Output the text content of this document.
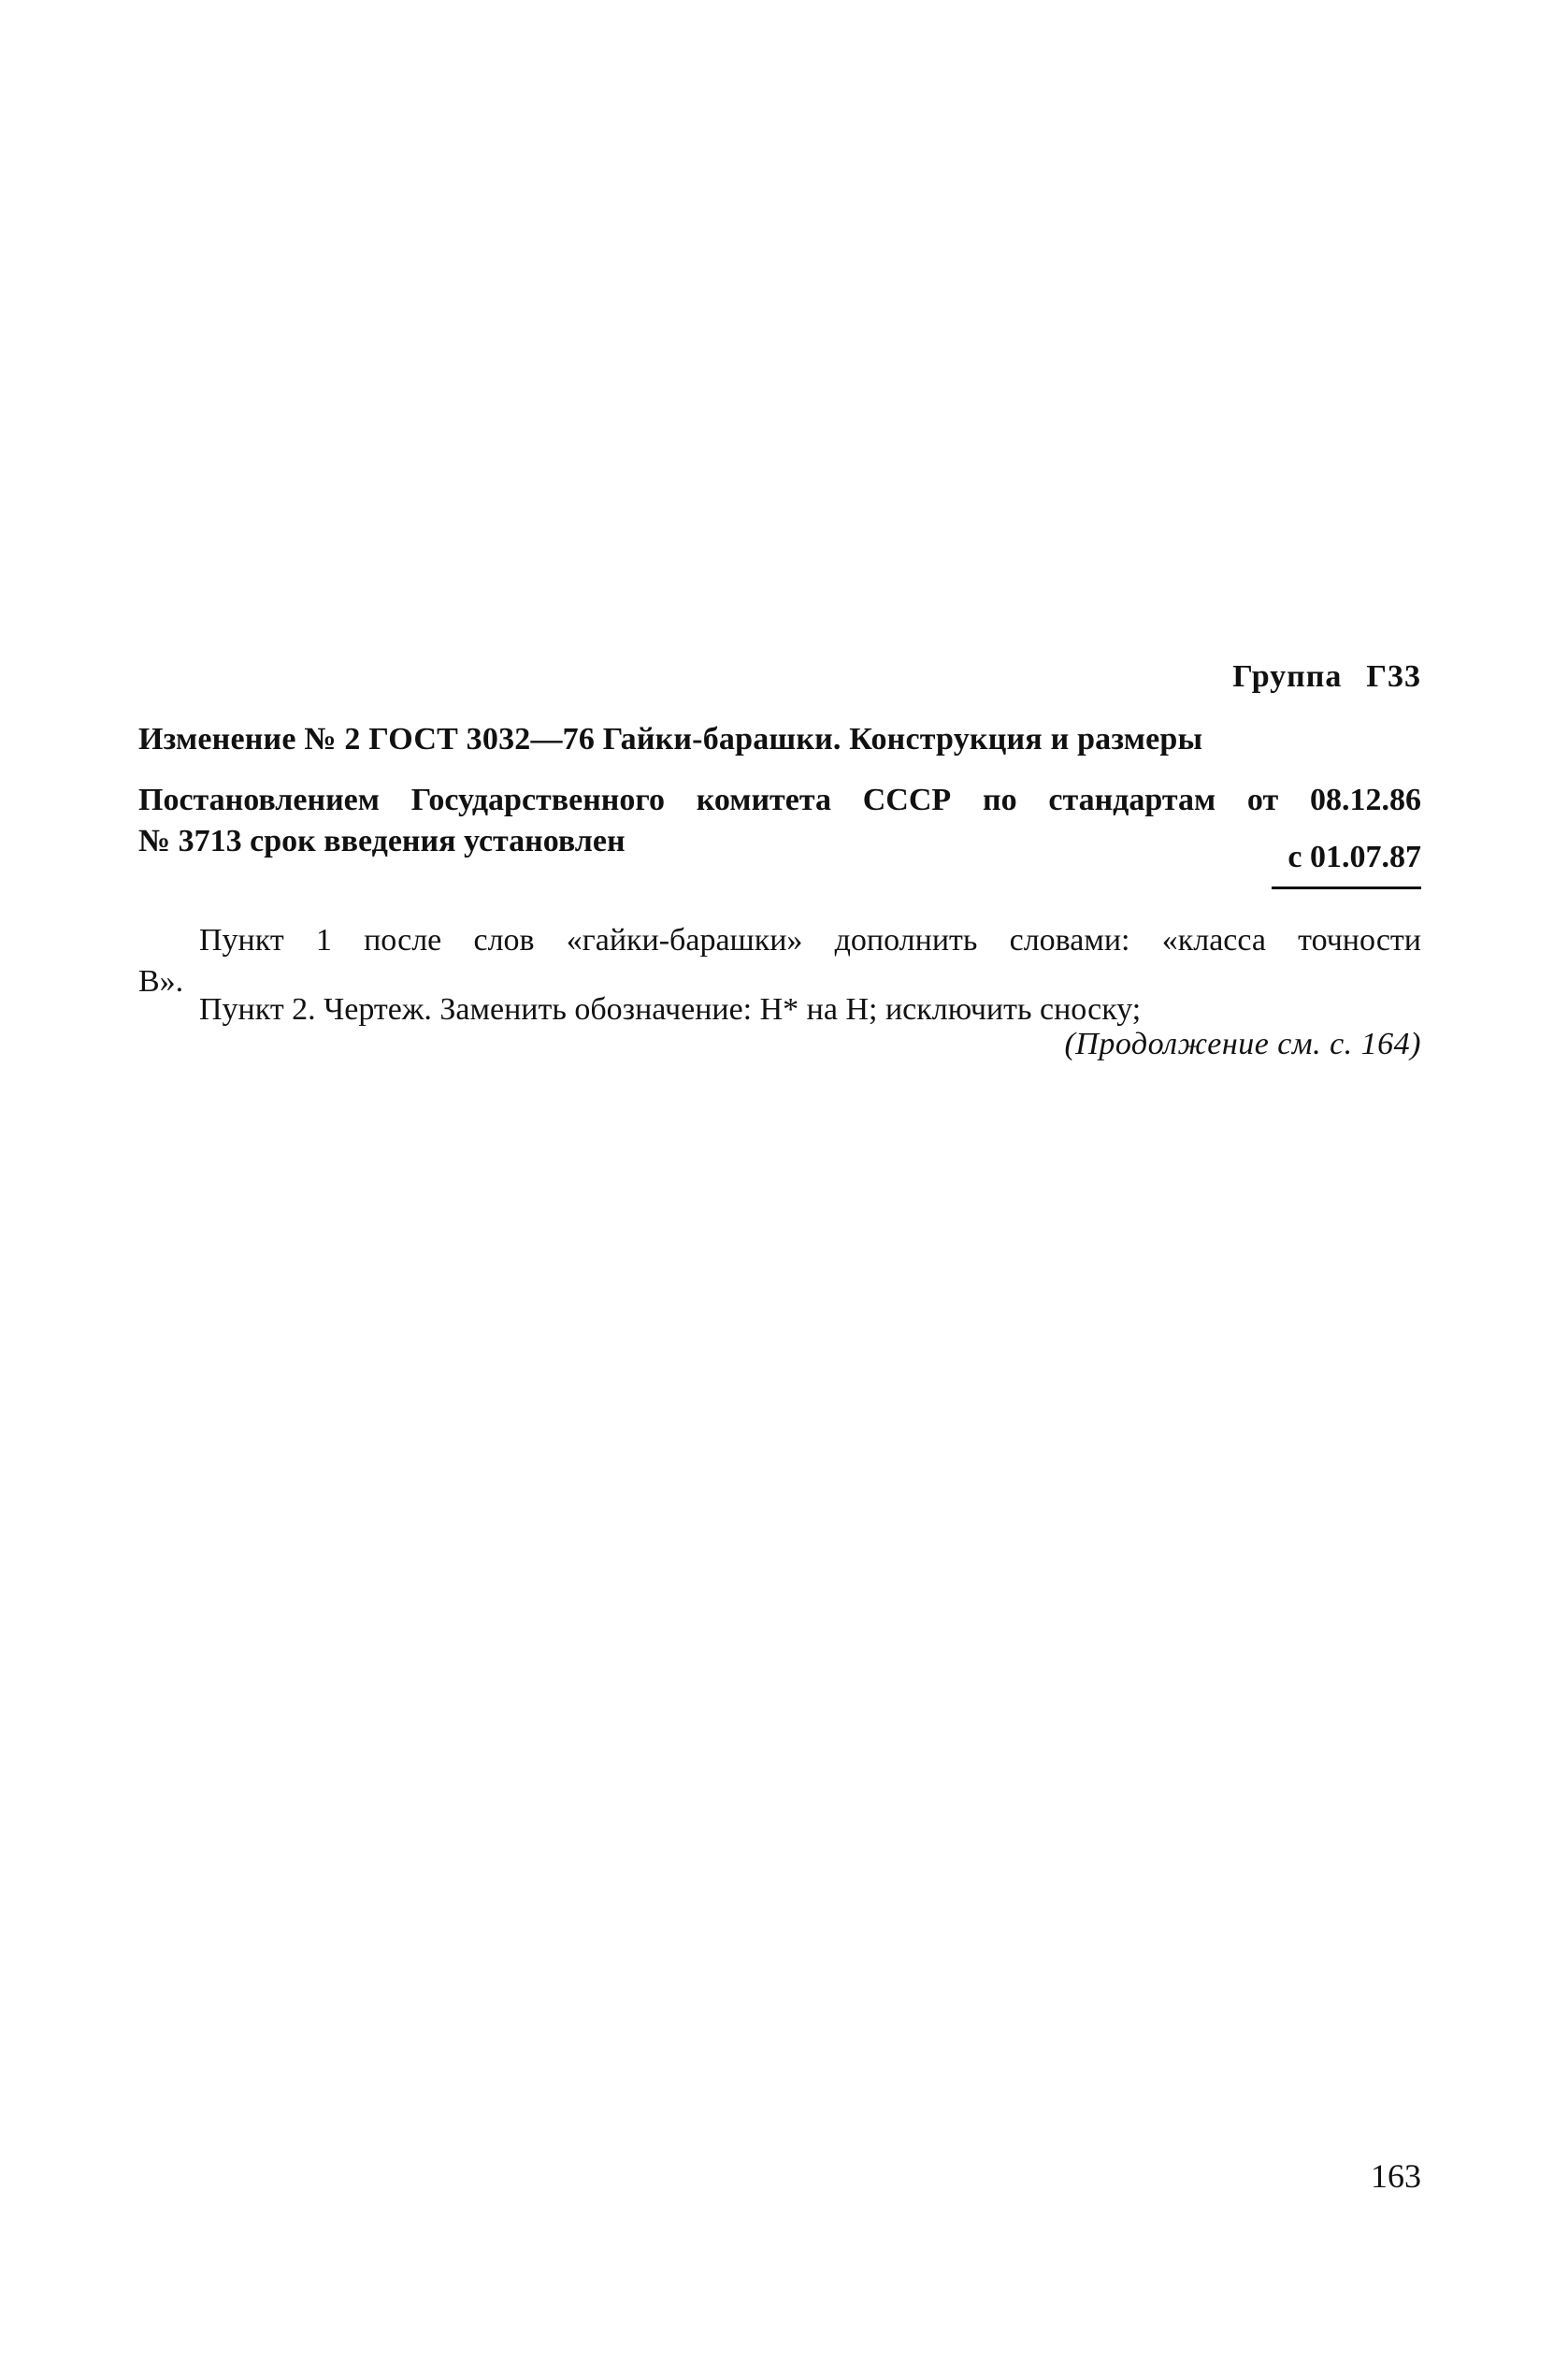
Группа Г33
Изменение № 2 ГОСТ 3032—76 Гайки-барашки. Конструкция и размеры
Постановлением Государственного комитета СССР по стандартам от 08.12.86
№ 3713 срок введения установлен	с 01.07.87
Пункт 1 после слов «гайки-барашки» дополнить словами: «класса точности
В».
Пункт 2. Чертеж. Заменить обозначение: Н* на Н; исключить сноску;
(Продолжение см. с. 164)
163
